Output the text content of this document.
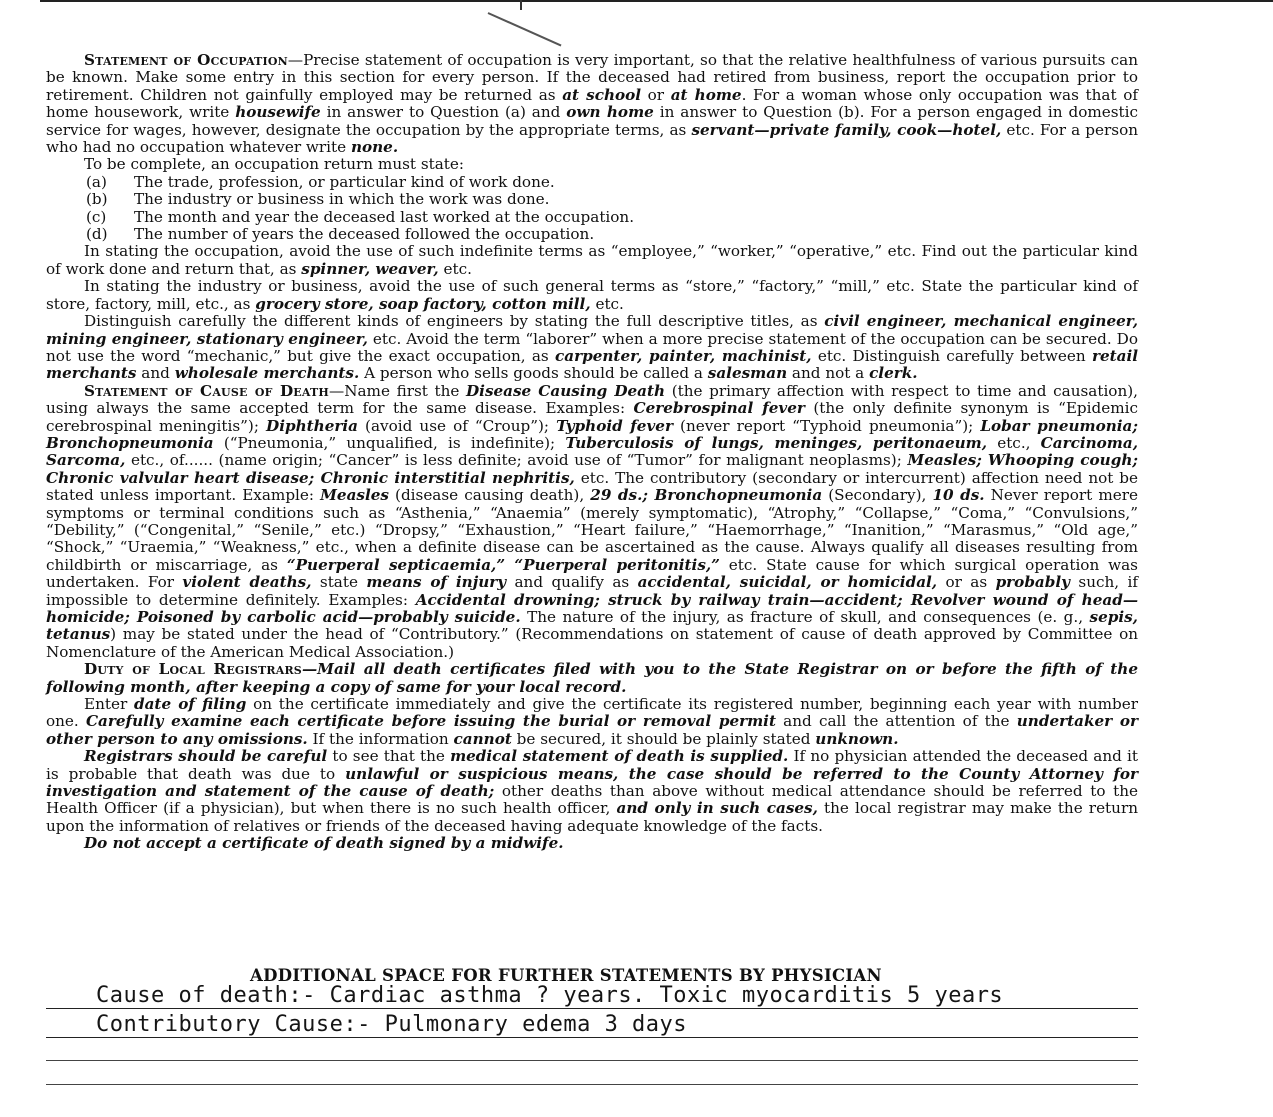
Statement of Occupation—Precise statement of occupation is very important, so that the relative healthfulness of various pursuits can be known. Make some entry in this section for every person. If the deceased had retired from business, report the occupation prior to retirement. Children not gainfully employed may be returned as at school or at home. For a woman whose only occupation was that of home housework, write housewife in answer to Question (a) and own home in answer to Question (b). For a person engaged in domestic service for wages, however, designate the occupation by the appropriate terms, as servant—private family, cook—hotel, etc. For a person who had no occupation whatever write none.

To be complete, an occupation return must state:

(a) The trade, profession, or particular kind of work done.
(b) The industry or business in which the work was done.
(c) The month and year the deceased last worked at the occupation.
(d) The number of years the deceased followed the occupation.

In stating the occupation, avoid the use of such indefinite terms as “employee,” “worker,” “operative,” etc. Find out the particular kind of work done and return that, as spinner, weaver, etc.

In stating the industry or business, avoid the use of such general terms as “store,” “factory,” “mill,” etc. State the particular kind of store, factory, mill, etc., as grocery store, soap factory, cotton mill, etc.

Distinguish carefully the different kinds of engineers by stating the full descriptive titles, as civil engineer, mechanical engineer, mining engineer, stationary engineer, etc. Avoid the term “laborer” when a more precise statement of the occupation can be secured. Do not use the word “mechanic,” but give the exact occupation, as carpenter, painter, machinist, etc. Distinguish carefully between retail merchants and wholesale merchants. A person who sells goods should be called a salesman and not a clerk.

Statement of Cause of Death—Name first the Disease Causing Death (the primary affection with respect to time and causation), using always the same accepted term for the same disease. Examples: Cerebrospinal fever (the only definite synonym is “Epidemic cerebrospinal meningitis”); Diphtheria (avoid use of “Croup”); Typhoid fever (never report “Typhoid pneumonia”); Lobar pneumonia; Bronchopneumonia (“Pneumonia,” unqualified, is indefinite); Tuberculosis of lungs, meninges, peritonaeum, etc., Carcinoma, Sarcoma, etc., of...... (name origin; “Cancer” is less definite; avoid use of “Tumor” for malignant neoplasms); Measles; Whooping cough; Chronic valvular heart disease; Chronic interstitial nephritis, etc. The contributory (secondary or intercurrent) affection need not be stated unless important. Example: Measles (disease causing death), 29 ds.; Bronchopneumonia (Secondary), 10 ds. Never report mere symptoms or terminal conditions such as “Asthenia,” “Anaemia” (merely symptomatic), “Atrophy,” “Collapse,” “Coma,” “Convulsions,” “Debility,” (“Congenital,” “Senile,” etc.) “Dropsy,” “Exhaustion,” “Heart failure,” “Haemorrhage,” “Inanition,” “Marasmus,” “Old age,” “Shock,” “Uraemia,” “Weakness,” etc., when a definite disease can be ascertained as the cause. Always qualify all diseases resulting from childbirth or miscarriage, as “Puerperal septicaemia,” “Puerperal peritonitis,” etc. State cause for which surgical operation was undertaken. For violent deaths, state means of injury and qualify as accidental, suicidal, or homicidal, or as probably such, if impossible to determine definitely. Examples: Accidental drowning; struck by railway train—accident; Revolver wound of head—homicide; Poisoned by carbolic acid—probably suicide. The nature of the injury, as fracture of skull, and consequences (e. g., sepis, tetanus) may be stated under the head of “Contributory.” (Recommendations on statement of cause of death approved by Committee on Nomenclature of the American Medical Association.)

Duty of Local Registrars—Mail all death certificates filed with you to the State Registrar on or before the fifth of the following month, after keeping a copy of same for your local record.

Enter date of filing on the certificate immediately and give the certificate its registered number, beginning each year with number one. Carefully examine each certificate before issuing the burial or removal permit and call the attention of the undertaker or other person to any omissions. If the information cannot be secured, it should be plainly stated unknown.

Registrars should be careful to see that the medical statement of death is supplied. If no physician attended the deceased and it is probable that death was due to unlawful or suspicious means, the case should be referred to the County Attorney for investigation and statement of the cause of death; other deaths than above without medical attendance should be referred to the Health Officer (if a physician), but when there is no such health officer, and only in such cases, the local registrar may make the return upon the information of relatives or friends of the deceased having adequate knowledge of the facts.

Do not accept a certificate of death signed by a midwife.

ADDITIONAL SPACE FOR FURTHER STATEMENTS BY PHYSICIAN
Cause of death:- Cardiac asthma ? years. Toxic myocarditis 5 years
Contributory Cause:- Pulmonary edema 3 days
